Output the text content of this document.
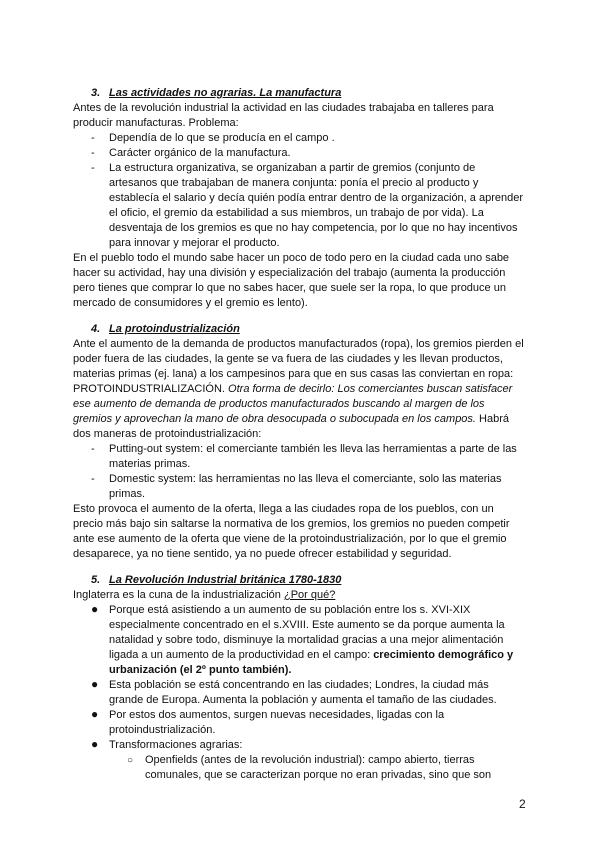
3. Las actividades no agrarias. La manufactura
Antes de la revolución industrial la actividad en las ciudades trabajaba en talleres para
producir manufacturas. Problema:
- Dependía de lo que se producía en el campo .
- Carácter orgánico de la manufactura.
- La estructura organizativa, se organizaban a partir de gremios (conjunto de
artesanos que trabajaban de manera conjunta: ponía el precio al producto y
establecía el salario y decía quién podía entrar dentro de la organización, a aprender
el oficio, el gremio da estabilidad a sus miembros, un trabajo de por vida). La
desventaja de los gremios es que no hay competencia, por lo que no hay incentivos
para innovar y mejorar el producto.
En el pueblo todo el mundo sabe hacer un poco de todo pero en la ciudad cada uno sabe
hacer su actividad, hay una división y especialización del trabajo (aumenta la producción
pero tienes que comprar lo que no sabes hacer, que suele ser la ropa, lo que produce un
mercado de consumidores y el gremio es lento).
4. La protoindustrialización
Ante el aumento de la demanda de productos manufacturados (ropa), los gremios pierden el
poder fuera de las ciudades, la gente se va fuera de las ciudades y les llevan productos,
materias primas (ej. lana) a los campesinos para que en sus casas las conviertan en ropa:
PROTOINDUSTRIALIZACIÓN. Otra forma de decirlo: Los comerciantes buscan satisfacer
ese aumento de demanda de productos manufacturados buscando al margen de los
gremios y aprovechan la mano de obra desocupada o subocupada en los campos. Habrá
dos maneras de protoindustrialización:
- Putting-out system: el comerciante también les lleva las herramientas a parte de las
materias primas.
- Domestic system: las herramientas no las lleva el comerciante, solo las materias
primas.
Esto provoca el aumento de la oferta, llega a las ciudades ropa de los pueblos, con un
precio más bajo sin saltarse la normativa de los gremios, los gremios no pueden competir
ante ese aumento de la oferta que viene de la protoindustrialización, por lo que el gremio
desaparece, ya no tiene sentido, ya no puede ofrecer estabilidad y seguridad.
5. La Revolución Industrial británica 1780-1830
Inglaterra es la cuna de la industrialización ¿Por qué?
● Porque está asistiendo a un aumento de su población entre los s. XVI-XIX
especialmente concentrado en el s.XVIII. Este aumento se da porque aumenta la
natalidad y sobre todo, disminuye la mortalidad gracias a una mejor alimentación
ligada a un aumento de la productividad en el campo: crecimiento demográfico y
urbanización (el 2º punto también).
● Esta población se está concentrando en las ciudades; Londres, la ciudad más
grande de Europa. Aumenta la población y aumenta el tamaño de las ciudades.
● Por estos dos aumentos, surgen nuevas necesidades, ligadas con la
protoindustrialización.
● Transformaciones agrarias:
○ Openfields (antes de la revolución industrial): campo abierto, tierras
comunales, que se caracterizan porque no eran privadas, sino que son
2
